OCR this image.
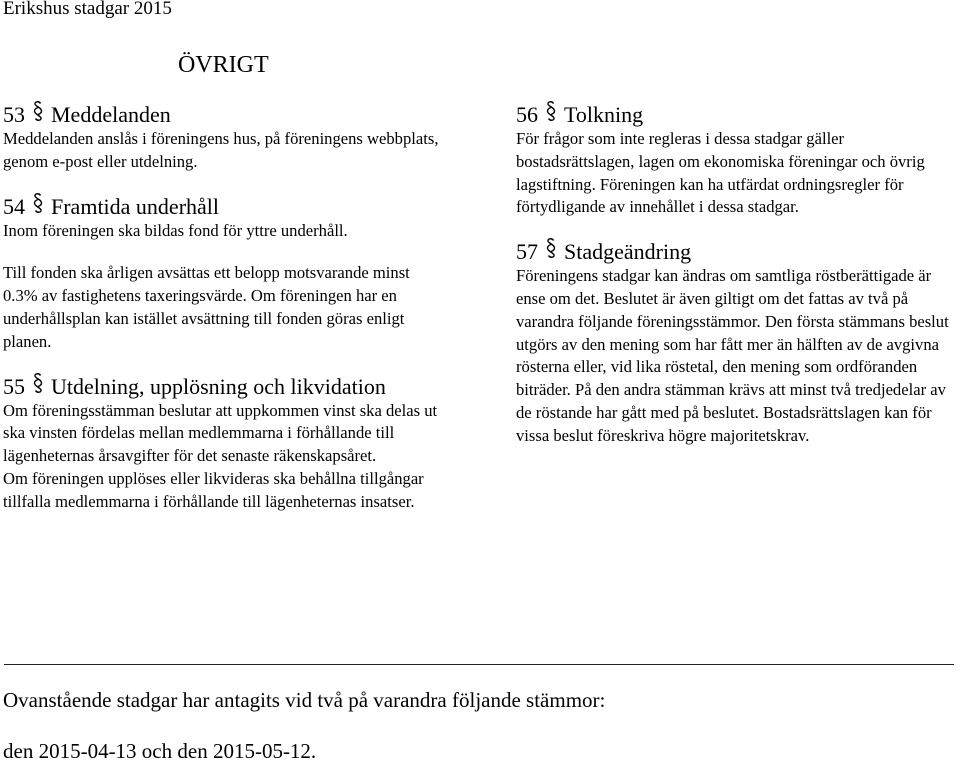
Erikshus stadgar 2015
ÖVRIGT
53 Meddelanden

Meddelanden anslås i föreningens hus, på föreningens webbplats, genom e-post eller utdelning.

54 Framtida underhåll

Inom föreningen ska bildas fond för yttre underhåll.

Till fonden ska årligen avsättas ett belopp motsvarande minst 0.3% av fastighetens taxeringsvärde. Om föreningen har en underhållsplan kan istället avsättning till fonden göras enligt planen.

55 Utdelning, upplösning och likvidation

Om föreningsstämman beslutar att uppkommen vinst ska delas ut ska vinsten fördelas mellan medlemmarna i förhållande till lägenheternas årsavgifter för det senaste räkenskapsåret.

Om föreningen upplöses eller likvideras ska behållna tillgångar tillfalla medlemmarna i förhållande till lägenheternas insatser.

56 Tolkning

För frågor som inte regleras i dessa stadgar gäller bostadsrättslagen, lagen om ekonomiska föreningar och övrig lagstiftning. Föreningen kan ha utfärdat ordningsregler för förtydligande av innehållet i dessa stadgar.

57 Stadgeändring

Föreningens stadgar kan ändras om samtliga röstberättigade är ense om det. Beslutet är även giltigt om det fattas av två på varandra följande föreningsstämmor. Den första stämmans beslut utgörs av den mening som har fått mer än hälften av de avgivna rösterna eller, vid lika röstetal, den mening som ordföranden biträder. På den andra stämman krävs att minst två tredjedelar av de röstande har gått med på beslutet. Bostadsrättslagen kan för vissa beslut föreskriva högre majoritetskrav.

Ovanstående stadgar har antagits vid två på varandra följande stämmor:
den 2015-04-13 och den 2015-05-12.
